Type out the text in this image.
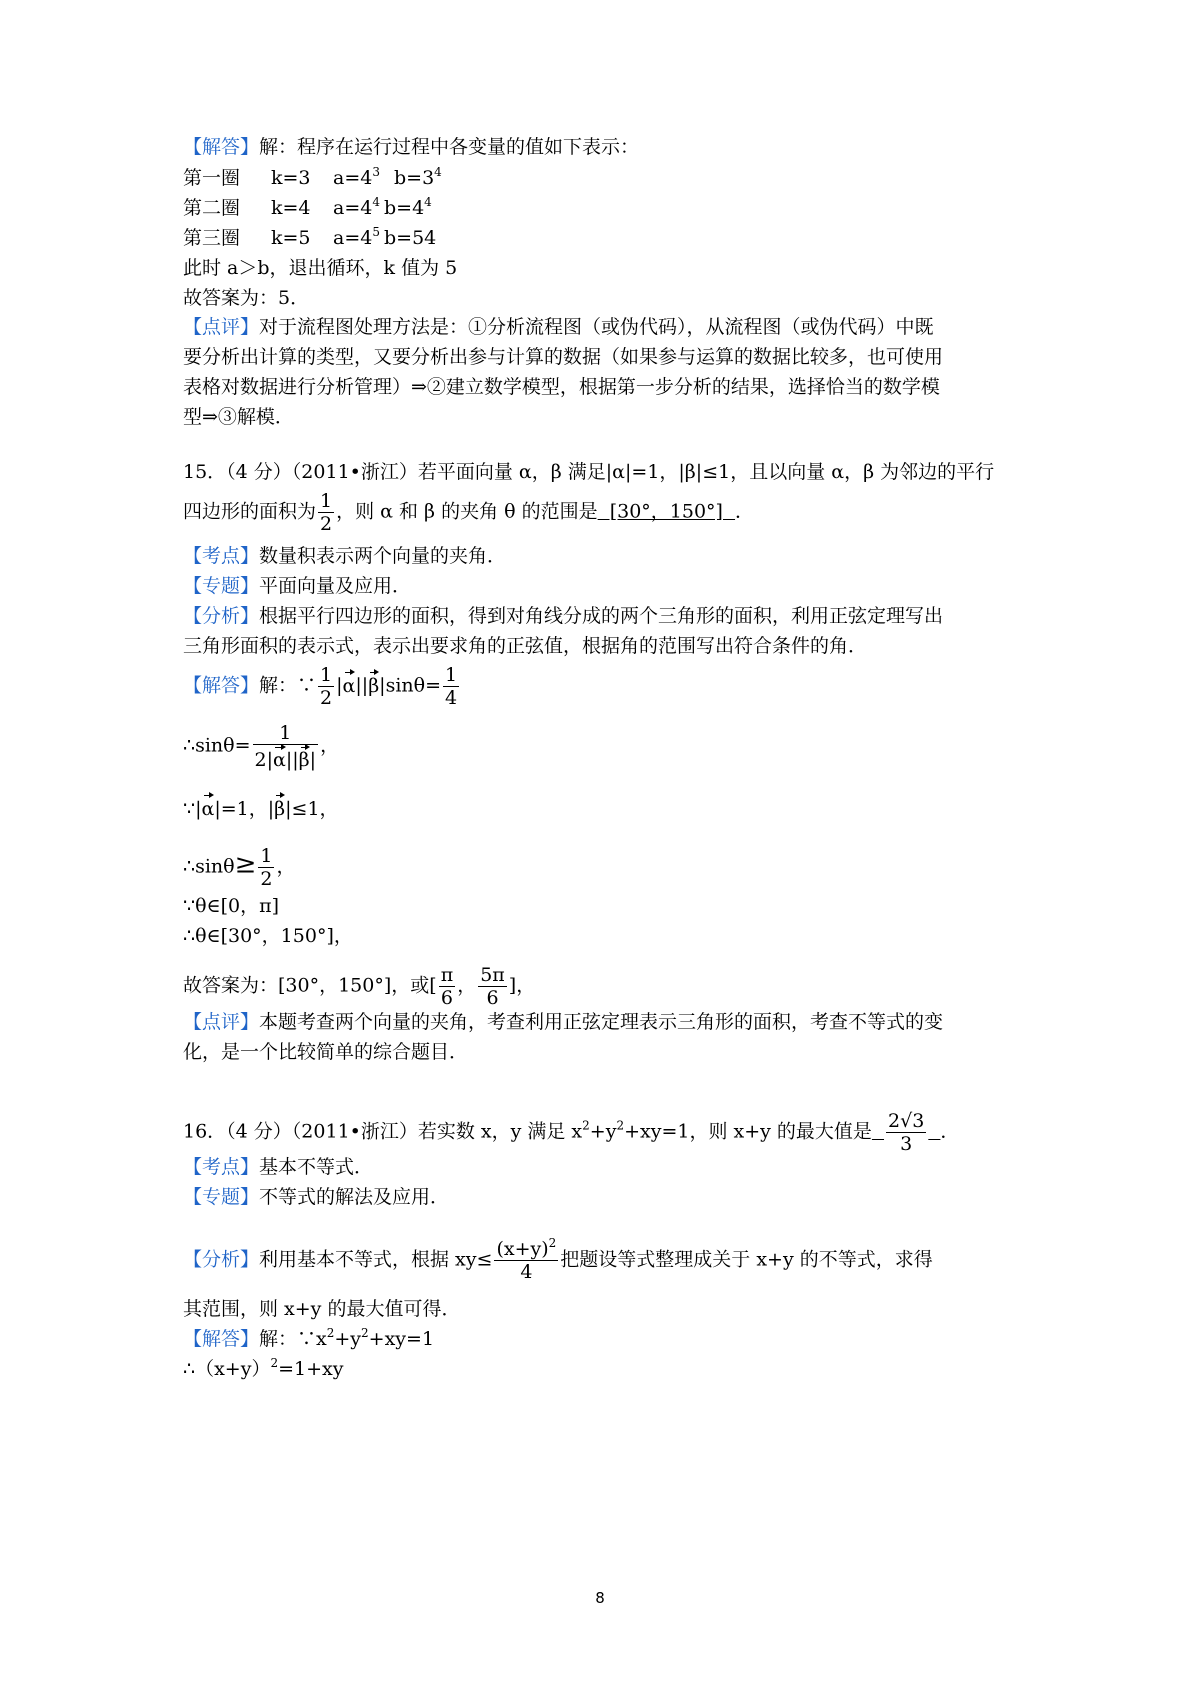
【解答】解：程序在运行过程中各变量的值如下表示：
第一圈 k=3 $a=4^3$ $b=3^4$
第二圈 k=4 $a=4^4$ $b=4^4$
第三圈 k=5 $a=4^5$ b=54
此时 a＞b，退出循环，k 值为 5
故答案为：5．
【点评】对于流程图处理方法是：①分析流程图（或伪代码），从流程图（或伪代码）中既
要分析出计算的类型，又要分析出参与计算的数据（如果参与运算的数据比较多，也可使用
表格对数据进行分析管理）⇒②建立数学模型，根据第一步分析的结果，选择恰当的数学模
型⇒③解模．
15．（4 分）（2011•浙江）若平面向量 α，β 满足|α|=1，|β|≤1，且以向量 α，β 为邻边的平行
四边形的面积为 $\frac{1}{2}$ ，则 α 和 β 的夹角 θ 的范围是  [30°，150°]  ．
【考点】数量积表示两个向量的夹角．
【专题】平面向量及应用．
【分析】根据平行四边形的面积，得到对角线分成的两个三角形的面积，利用正弦定理写出
三角形面积的表示式，表示出要求角的正弦值，根据角的范围写出符合条件的角．
【解答】解：∵ $\frac{1}{2} |\alpha||\beta|\sin\theta= \frac{1}{4}$
∴sinθ= $\frac{1}{2|\alpha||\beta|}$ ，
∵|α|=1，|β|≤1，
∴sinθ≥ $\frac{1}{2}$ ，
∵θ∈[0，π]
∴θ∈[30°，150°]，
故答案为：[30°，150°]，或[ $\frac{\pi}{6}$ ， $\frac{5\pi}{6}$ ]，
【点评】本题考查两个向量的夹角，考查利用正弦定理表示三角形的面积，考查不等式的变
化，是一个比较简单的综合题目．
16．（4 分）（2011•浙江）若实数 x，y 满足 $x^2+y^2+xy=1$，则 x+y 的最大值是 $\frac{2√3}{3}$ ．
【考点】基本不等式．
【专题】不等式的解法及应用．
【分析】利用基本不等式，根据 $xy\le \frac{(x+y)^2}{4}$ 把题设等式整理成关于 x+y 的不等式，求得
其范围，则 x+y 的最大值可得．
【解答】解：$\because x^2+y^2+xy=1$
$\therefore(x+y)^2=1+xy$
8
